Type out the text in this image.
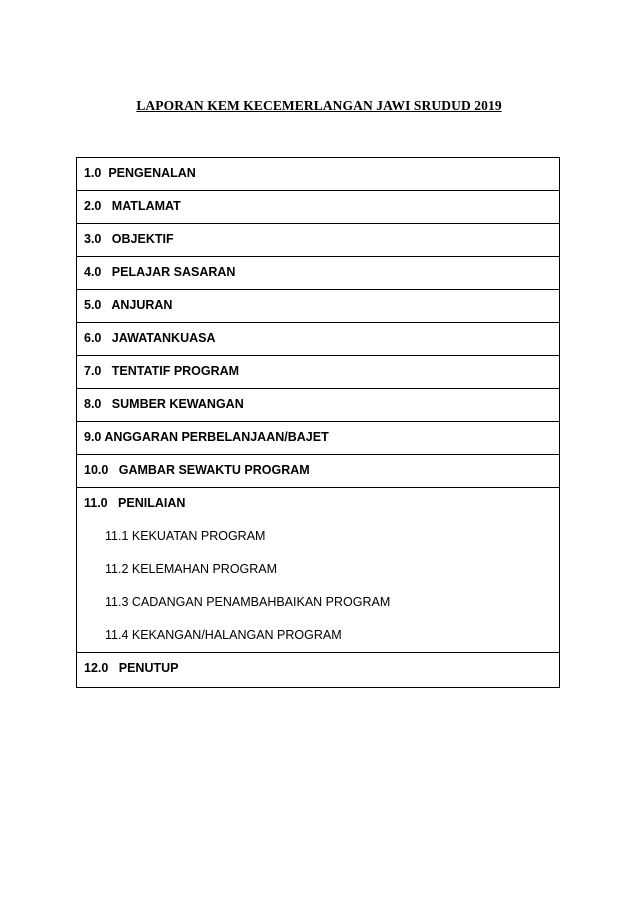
LAPORAN KEM KECEMERLANGAN JAWI SRUDUD 2019
1.0  PENGENALAN
2.0   MATLAMAT
3.0   OBJEKTIF
4.0   PELAJAR SASARAN
5.0   ANJURAN
6.0   JAWATANKUASA
7.0   TENTATIF PROGRAM
8.0   SUMBER KEWANGAN
9.0 ANGGARAN PERBELANJAAN/BAJET
10.0   GAMBAR SEWAKTU PROGRAM

11.0   PENILAIAN
11.1 KEKUATAN PROGRAM
11.2 KELEMAHAN PROGRAM
11.3 CADANGAN PENAMBAHBAIKAN PROGRAM
11.4 KEKANGAN/HALANGAN PROGRAM

12.0   PENUTUP
